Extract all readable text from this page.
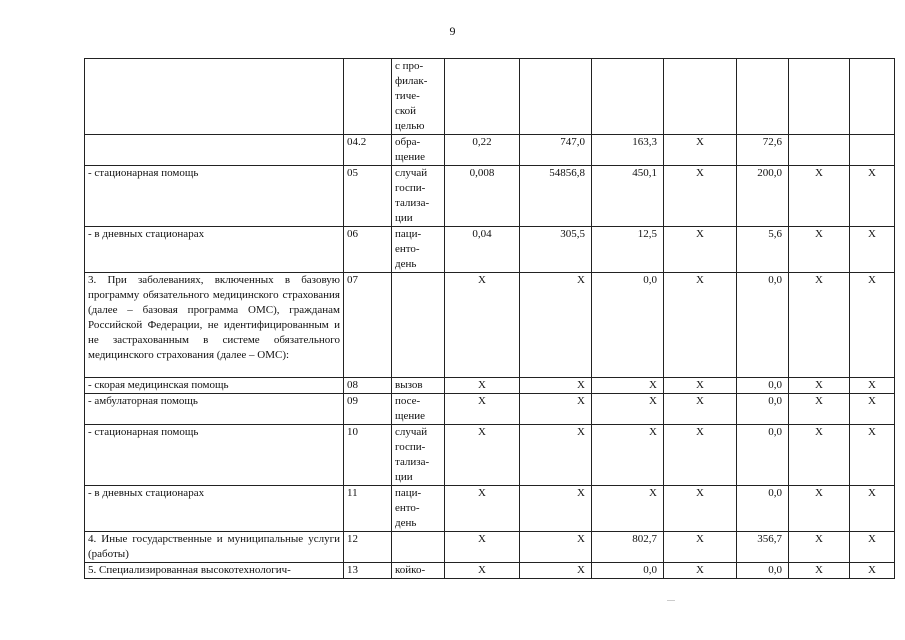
9
		с про-
филак-
тиче-
ской
целью							
	04.2	обра-
щение	0,22	747,0	163,3	Х	72,6		
- стационарная помощь	05	случай
госпи-
тализа-
ции	0,008	54856,8	450,1	Х	200,0	Х	Х
- в дневных стационарах	06	паци-
енто-
день	0,04	305,5	12,5	Х	5,6	Х	Х
3. При заболеваниях, включенных в базовую программу обязательного медицинского страхования (далее – базовая программа ОМС), гражданам Российской Федерации, не идентифицированным и не застрахованным в системе обязательного медицинского страхования (далее – ОМС):	07		Х	Х	0,0	Х	0,0	Х	Х
- скорая медицинская помощь	08	вызов	Х	Х	Х	Х	0,0	Х	Х
- амбулаторная помощь	09	посе-
щение	Х	Х	Х	Х	0,0	Х	Х
- стационарная помощь	10	случай
госпи-
тализа-
ции	Х	Х	Х	Х	0,0	Х	Х
- в дневных стационарах	11	паци-
енто-
день	Х	Х	Х	Х	0,0	Х	Х
4. Иные государственные и муниципальные услуги (работы)	12		Х	Х	802,7	Х	356,7	Х	Х
5. Специализированная высокотехнологич-	13	койко-	Х	Х	0,0	Х	0,0	Х	Х
